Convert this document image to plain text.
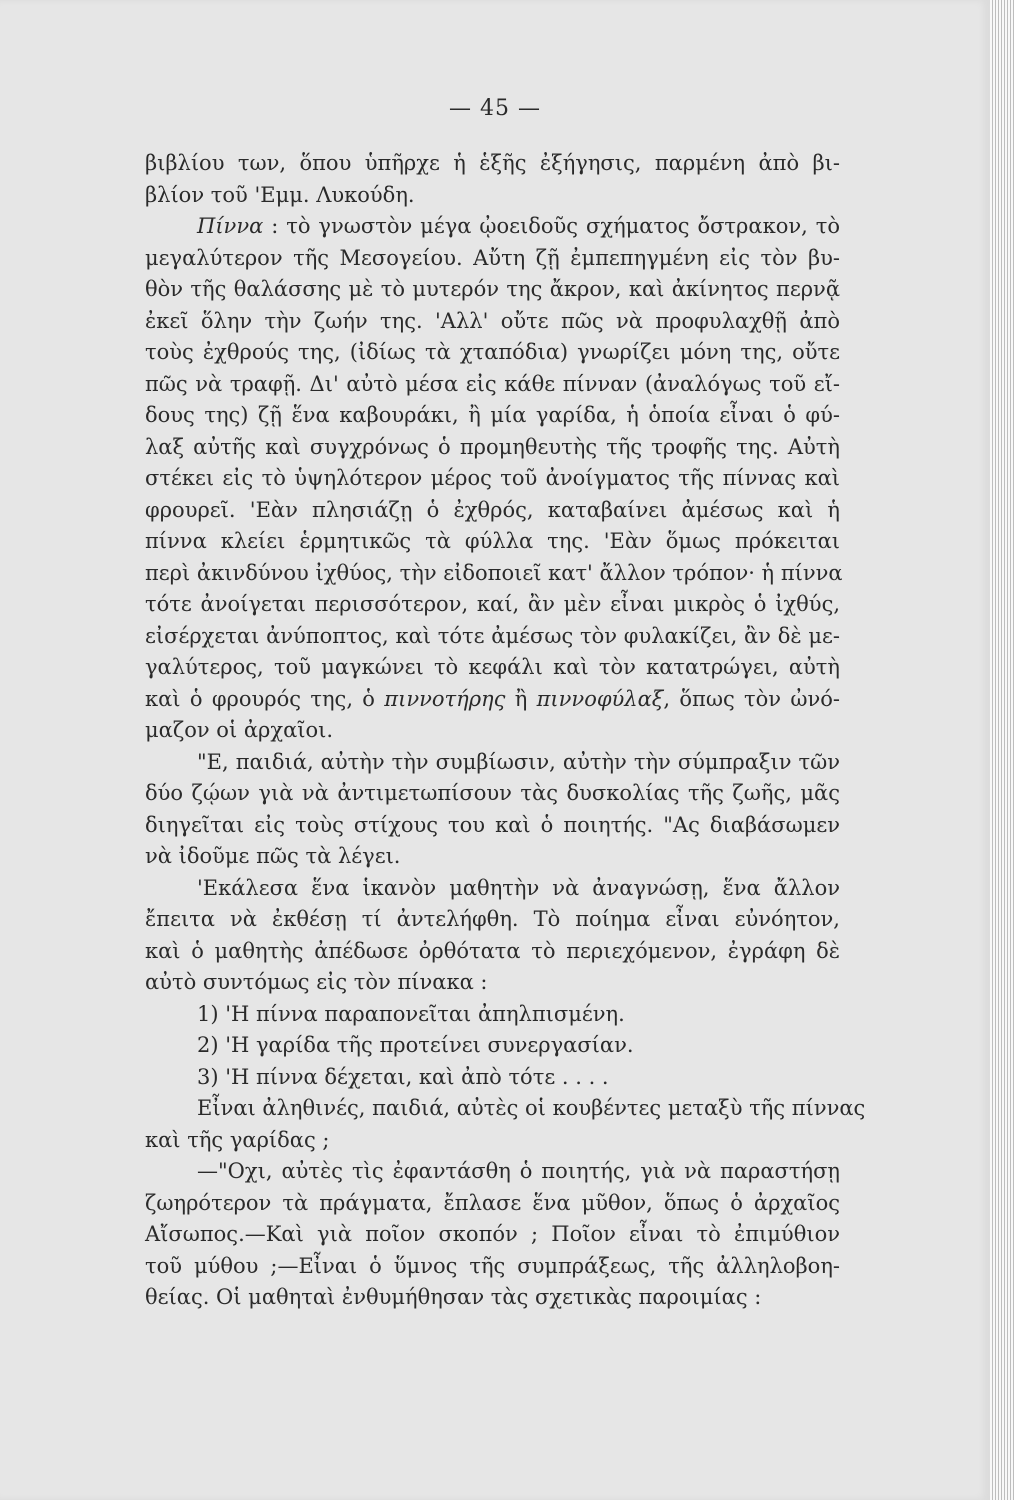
— 45 —
βιβλίου των, ὅπου ὑπῆρχε ἡ ἑξῆς ἐξήγησις, παρμένη ἀπὸ βι-
βλίον τοῦ 'Εμμ. Λυκούδη.
Πίννα : τὸ γνωστὸν μέγα ᾠοειδοῦς σχήματος ὄστρακον, τὸ
μεγαλύτερον τῆς Μεσογείου. Αὔτη ζῇ ἐμπεπηγμένη εἰς τὸν βυ-
θὸν τῆς θαλάσσης μὲ τὸ μυτερόν της ἄκρον, καὶ ἀκίνητος περνᾷ
ἐκεῖ ὅλην τὴν ζωήν της. 'Αλλ' οὔτε πῶς νὰ προφυλαχθῇ ἀπὸ
τοὺς ἐχθρούς της, (ἰδίως τὰ χταπόδια) γνωρίζει μόνη της, οὔτε
πῶς νὰ τραφῇ. Δι' αὐτὸ μέσα εἰς κάθε πίνναν (ἀναλόγως τοῦ εἴ-
δους της) ζῇ ἕνα καβουράκι, ἢ μία γαρίδα, ἡ ὁποία εἶναι ὁ φύ-
λαξ αὐτῆς καὶ συγχρόνως ὁ προμηθευτὴς τῆς τροφῆς της. Αὐτὴ
στέκει εἰς τὸ ὑψηλότερον μέρος τοῦ ἀνοίγματος τῆς πίννας καὶ
φρουρεῖ. 'Εὰν πλησιάζῃ ὁ ἐχθρός, καταβαίνει ἀμέσως καὶ ἡ
πίννα κλείει ἑρμητικῶς τὰ φύλλα της. 'Εὰν ὅμως πρόκειται
περὶ ἀκινδύνου ἰχθύος, τὴν εἰδοποιεῖ κατ' ἄλλον τρόπον· ἡ πίννα
τότε ἀνοίγεται περισσότερον, καί, ἂν μὲν εἶναι μικρὸς ὁ ἰχθύς,
εἰσέρχεται ἀνύποπτος, καὶ τότε ἀμέσως τὸν φυλακίζει, ἂν δὲ με-
γαλύτερος, τοῦ μαγκώνει τὸ κεφάλι καὶ τὸν κατατρώγει, αὐτὴ
καὶ ὁ φρουρός της, ὁ πιννοτήρης ἢ πιννοφύλαξ, ὅπως τὸν ὠνό-
μαζον οἱ ἀρχαῖοι.
"Ε, παιδιά, αὐτὴν τὴν συμβίωσιν, αὐτὴν τὴν σύμπραξιν τῶν
δύο ζῴων γιὰ νὰ ἀντιμετωπίσουν τὰς δυσκολίας τῆς ζωῆς, μᾶς
διηγεῖται εἰς τοὺς στίχους του καὶ ὁ ποιητής. "Ας διαβάσωμεν
νὰ ἰδοῦμε πῶς τὰ λέγει.
'Εκάλεσα ἕνα ἱκανὸν μαθητὴν νὰ ἀναγνώσῃ, ἕνα ἄλλον
ἔπειτα νὰ ἐκθέσῃ τί ἀντελήφθη. Τὸ ποίημα εἶναι εὐνόητον,
καὶ ὁ μαθητὴς ἀπέδωσε ὀρθότατα τὸ περιεχόμενον, ἐγράφη δὲ
αὐτὸ συντόμως εἰς τὸν πίνακα :
1) 'Η πίννα παραπονεῖται ἀπηλπισμένη.
2) 'Η γαρίδα τῆς προτείνει συνεργασίαν.
3) 'Η πίννα δέχεται, καὶ ἀπὸ τότε . . . .
Εἶναι ἀληθινές, παιδιά, αὐτὲς οἱ κουβέντες μεταξὺ τῆς πίννας
καὶ τῆς γαρίδας ;
—"Οχι, αὐτὲς τὶς ἐφαντάσθη ὁ ποιητής, γιὰ νὰ παραστήσῃ
ζωηρότερον τὰ πράγματα, ἔπλασε ἕνα μῦθον, ὅπως ὁ ἀρχαῖος
Αἴσωπος.—Καὶ γιὰ ποῖον σκοπόν ; Ποῖον εἶναι τὸ ἐπιμύθιον
τοῦ μύθου ;—Εἶναι ὁ ὕμνος τῆς συμπράξεως, τῆς ἀλληλοβοη-
θείας. Οἱ μαθηταὶ ἐνθυμήθησαν τὰς σχετικὰς παροιμίας :
